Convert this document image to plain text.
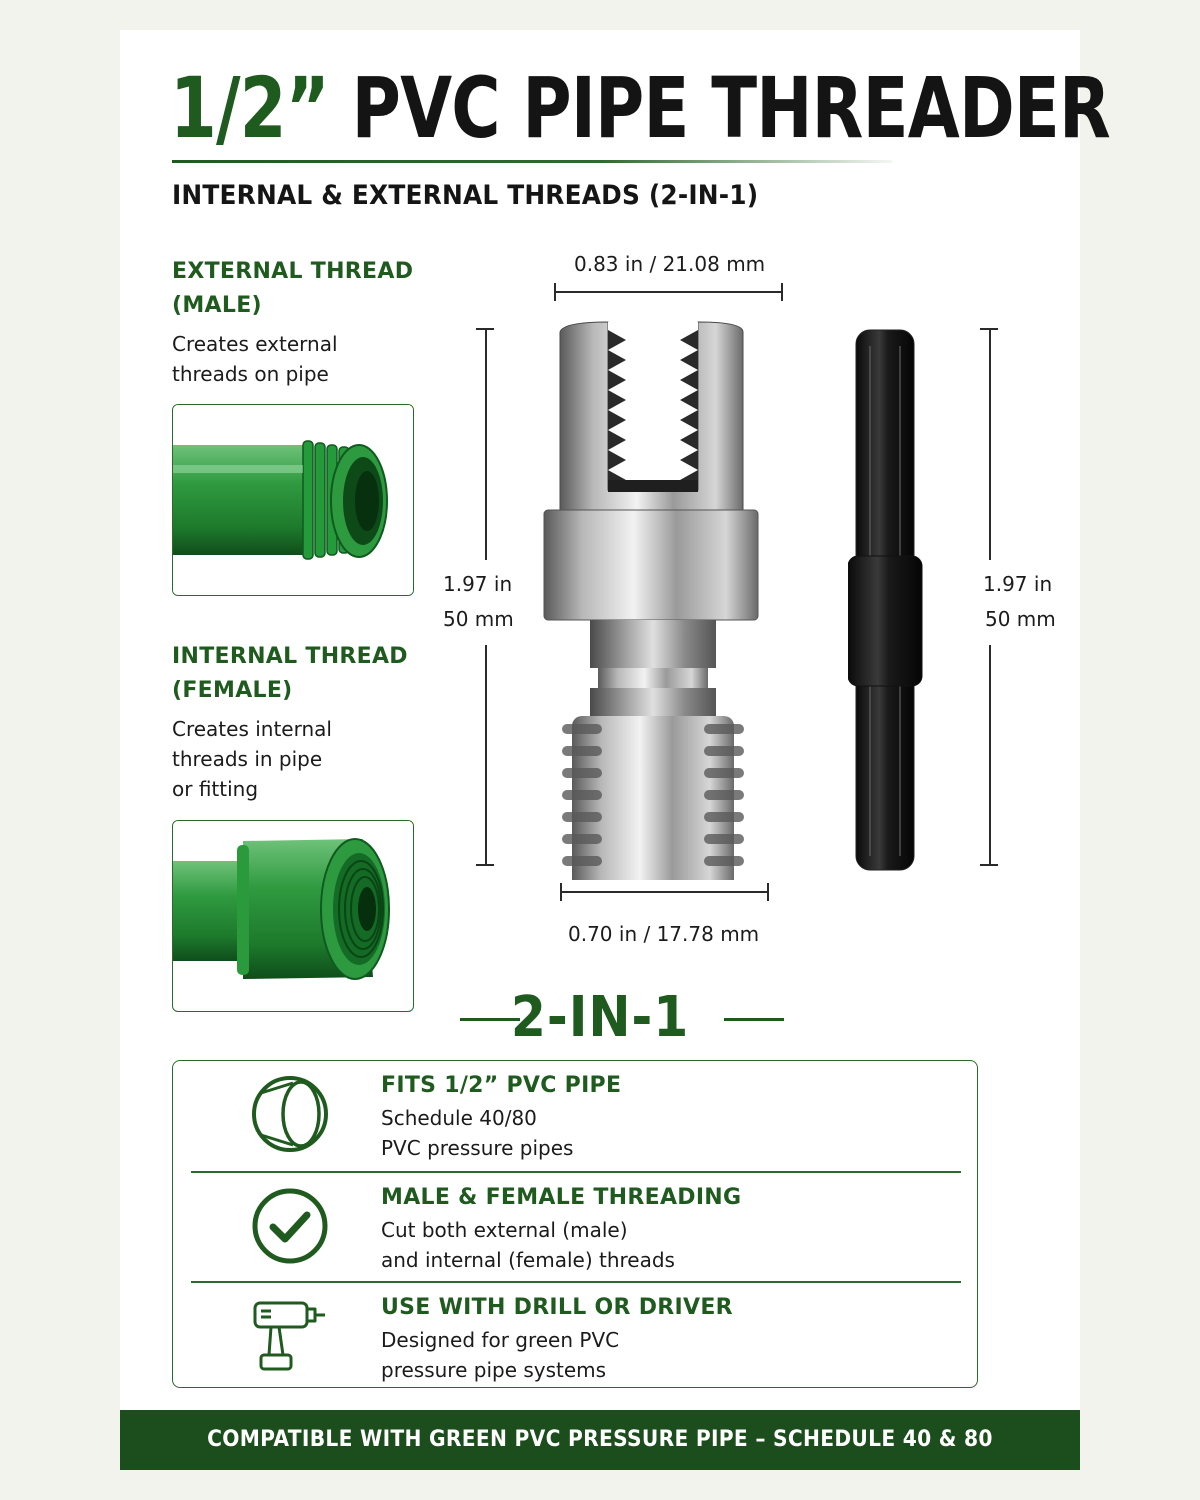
1/2” PVC PIPE THREADER
INTERNAL & EXTERNAL THREADS (2-IN-1)
EXTERNAL THREAD
(MALE)
Creates external
threads on pipe
INTERNAL THREAD
(FEMALE)
Creates internal
threads in pipe
or fitting
0.83 in / 21.08 mm
1.97 in
50 mm
1.97 in
50 mm
0.70 in / 17.78 mm
2-IN-1
FITS 1/2” PVC PIPE
Schedule 40/80
PVC pressure pipes
MALE & FEMALE THREADING
Cut both external (male)
and internal (female) threads
USE WITH DRILL OR DRIVER
Designed for green PVC
pressure pipe systems
COMPATIBLE WITH GREEN PVC PRESSURE PIPE – SCHEDULE 40 & 80
